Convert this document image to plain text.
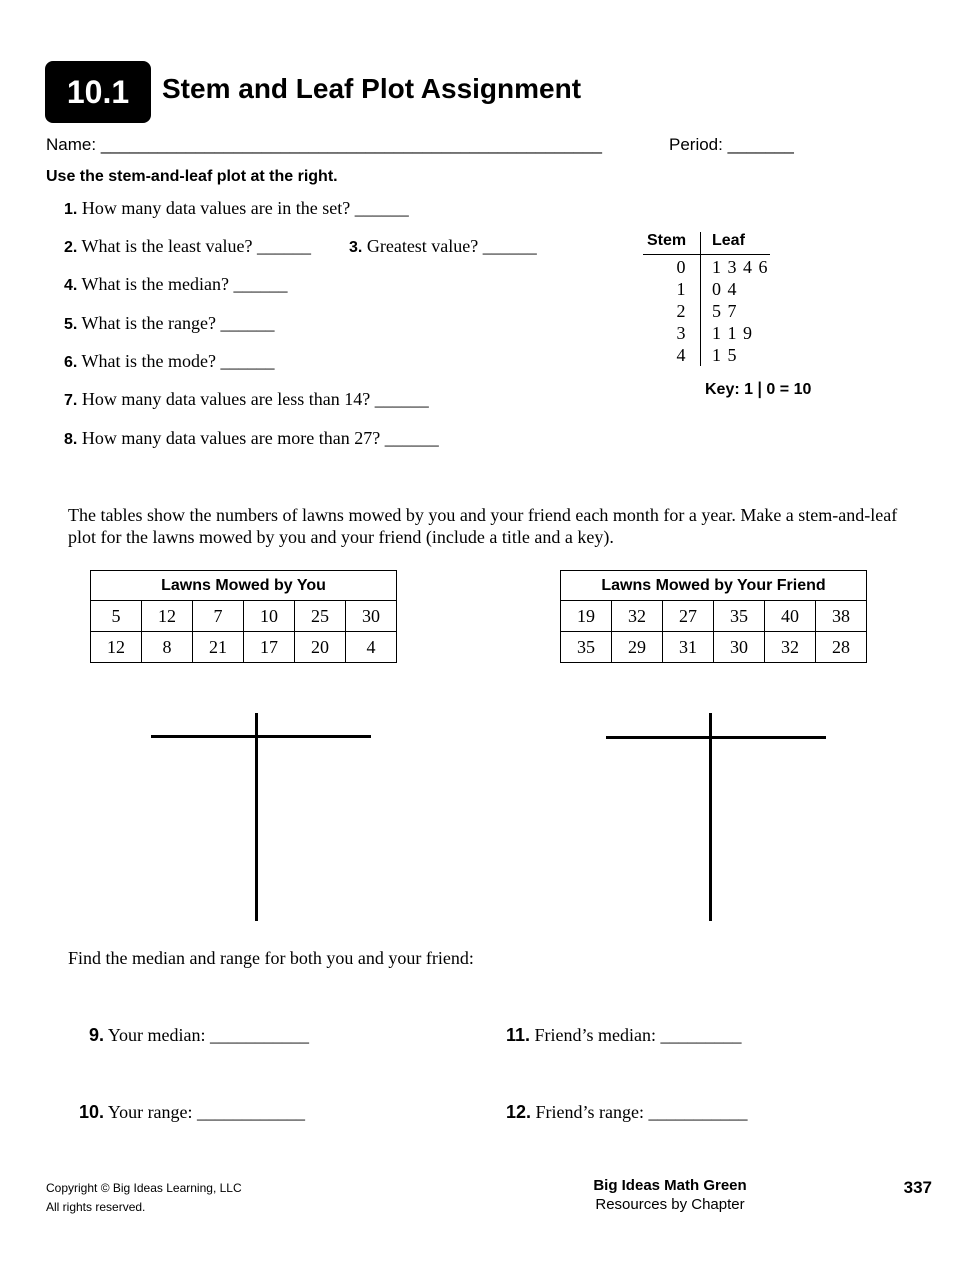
10.1	Stem and Leaf Plot Assignment
Name: _____________________________________________________	Period: _______
Use the stem-and-leaf plot at the right.
1. How many data values are in the set? ______
2. What is the least value? ______ 3. Greatest value? ______
4. What is the median? ______
5. What is the range? ______
6. What is the mode? ______
7. How many data values are less than 14? ______
8. How many data values are more than 27? ______
Stem Leaf
0	1 3 4 6
1	0 4
2	5 7
3	1 1 9
4	1 5
Key: 1❘0 = 10
The tables show the numbers of lawns mowed by you and your friend each month for a year. Make a stem-and-leaf plot for the lawns mowed by you and your friend (include a title and a key).
Lawns Mowed by You					
5	12	7	10	25	30
12	8	21	17	20	4
Lawns Mowed by Your Friend					
19	32	27	35	40	38
35	29	31	30	32	28
Find the median and range for both you and your friend:
9. Your median: ___________	11. Friend’s median: _________
10. Your range: ____________	12. Friend’s range: ___________
Copyright © Big Ideas Learning, LLC
All rights reserved.
Big Ideas Math Green
Resources by Chapter
337
